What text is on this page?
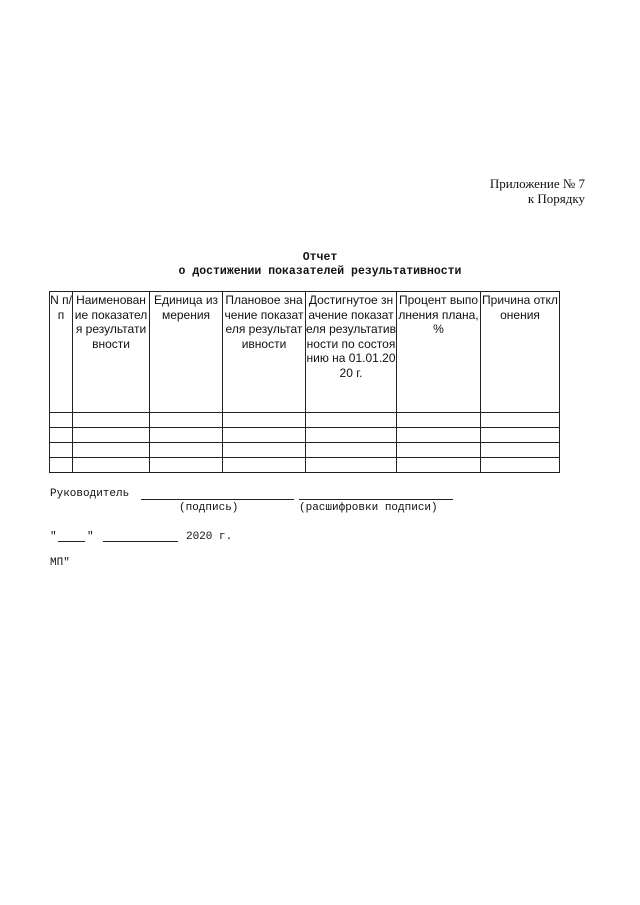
Приложение № 7
к Порядку
Отчет
о достижении показателей результативности
N п/п	Наименование показателя результативности	Единица измерения	Плановое значение показателя результативности	Достигнутое значение показателя результативности по состоянию на 01.01.2020 г.	Процент выполнения плана, %	Причина отклонения

Руководитель
(подпись)	(расшифровки подписи)
"	"	2020 г.
МП"
